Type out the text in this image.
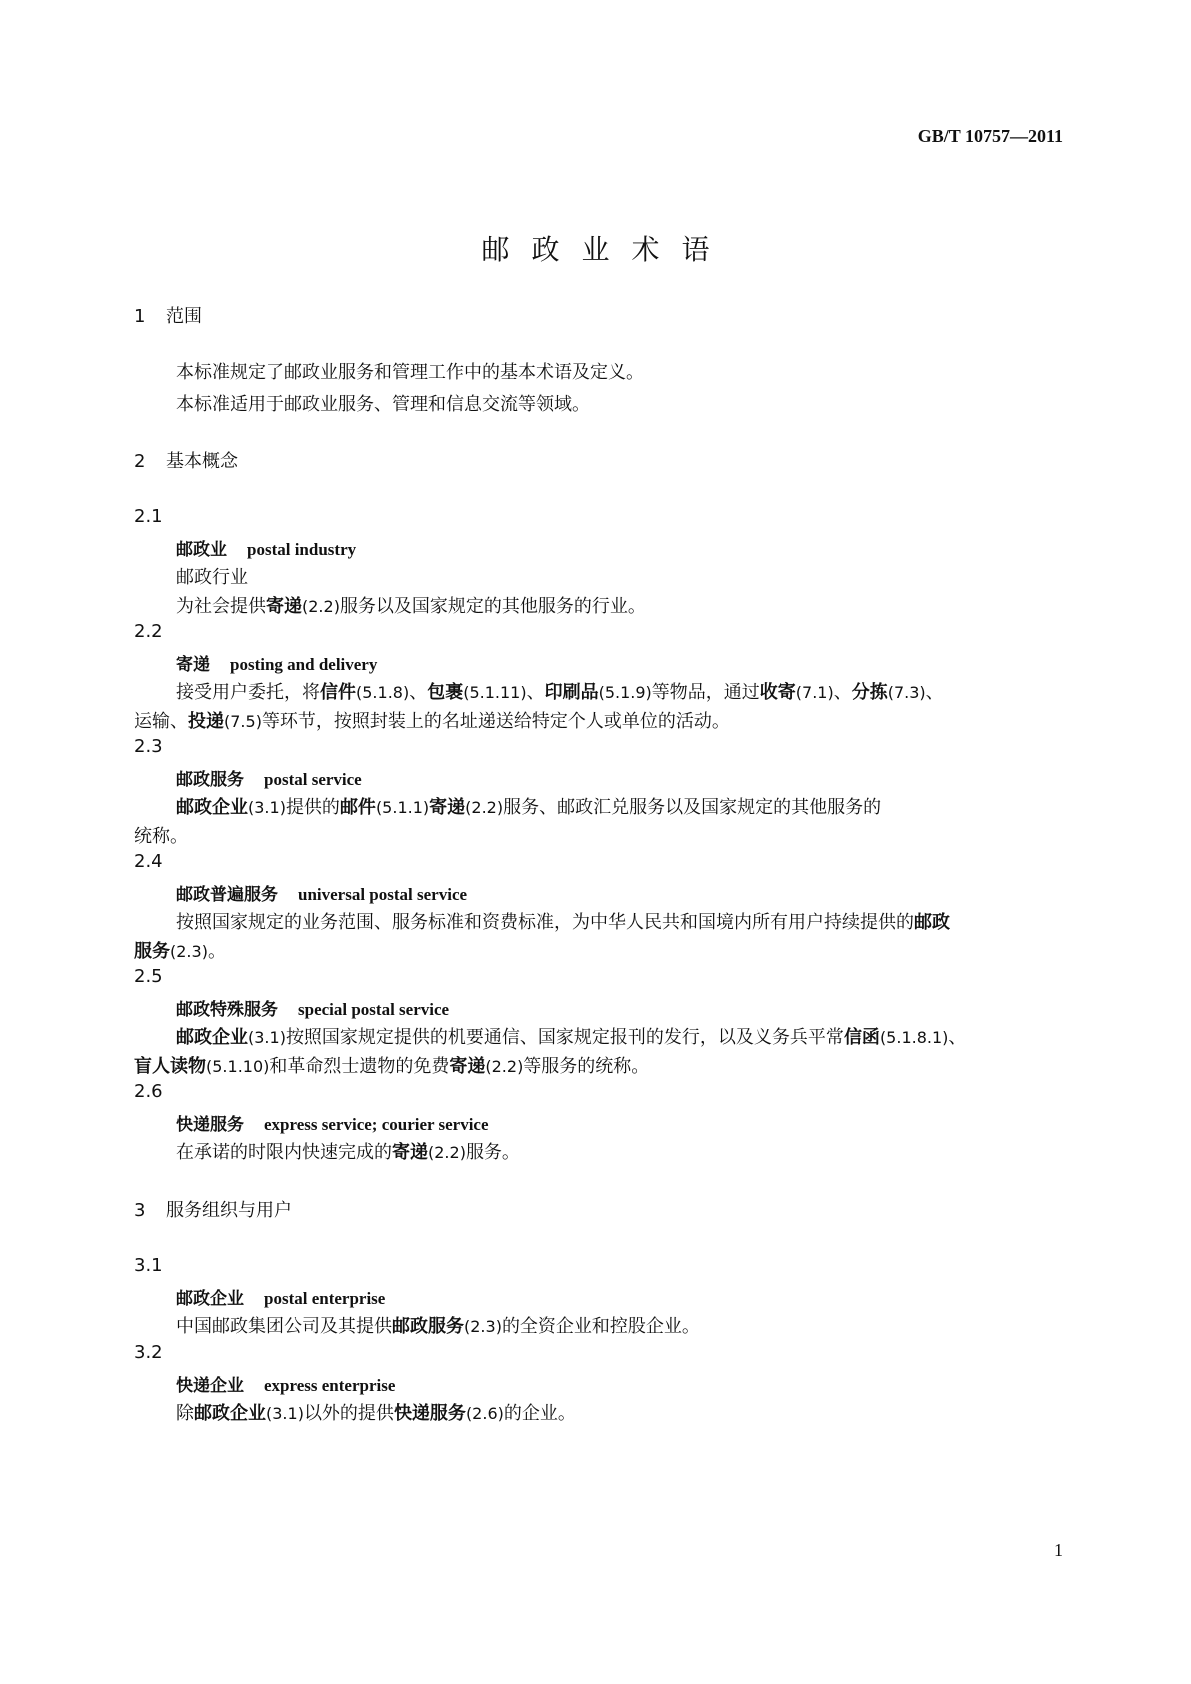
GB/T 10757—2011
邮政业术语
1 范围
本标准规定了邮政业服务和管理工作中的基本术语及定义。
本标准适用于邮政业服务、管理和信息交流等领域。
2 基本概念
2.1
邮政业 postal industry
邮政行业
为社会提供寄递(2.2)服务以及国家规定的其他服务的行业。
2.2
寄递 posting and delivery
接受用户委托，将信件(5.1.8)、包裹(5.1.11)、印刷品(5.1.9)等物品，通过收寄(7.1)、分拣(7.3)、
运输、投递(7.5)等环节，按照封装上的名址递送给特定个人或单位的活动。
2.3
邮政服务 postal service
邮政企业(3.1)提供的邮件(5.1.1)寄递(2.2)服务、邮政汇兑服务以及国家规定的其他服务的
统称。
2.4
邮政普遍服务 universal postal service
按照国家规定的业务范围、服务标准和资费标准，为中华人民共和国境内所有用户持续提供的邮政
服务(2.3)。
2.5
邮政特殊服务 special postal service
邮政企业(3.1)按照国家规定提供的机要通信、国家规定报刊的发行，以及义务兵平常信函(5.1.8.1)、
盲人读物(5.1.10)和革命烈士遗物的免费寄递(2.2)等服务的统称。
2.6
快递服务 express service; courier service
在承诺的时限内快速完成的寄递(2.2)服务。
3 服务组织与用户
3.1
邮政企业 postal enterprise
中国邮政集团公司及其提供邮政服务(2.3)的全资企业和控股企业。
3.2
快递企业 express enterprise
除邮政企业(3.1)以外的提供快递服务(2.6)的企业。
1
